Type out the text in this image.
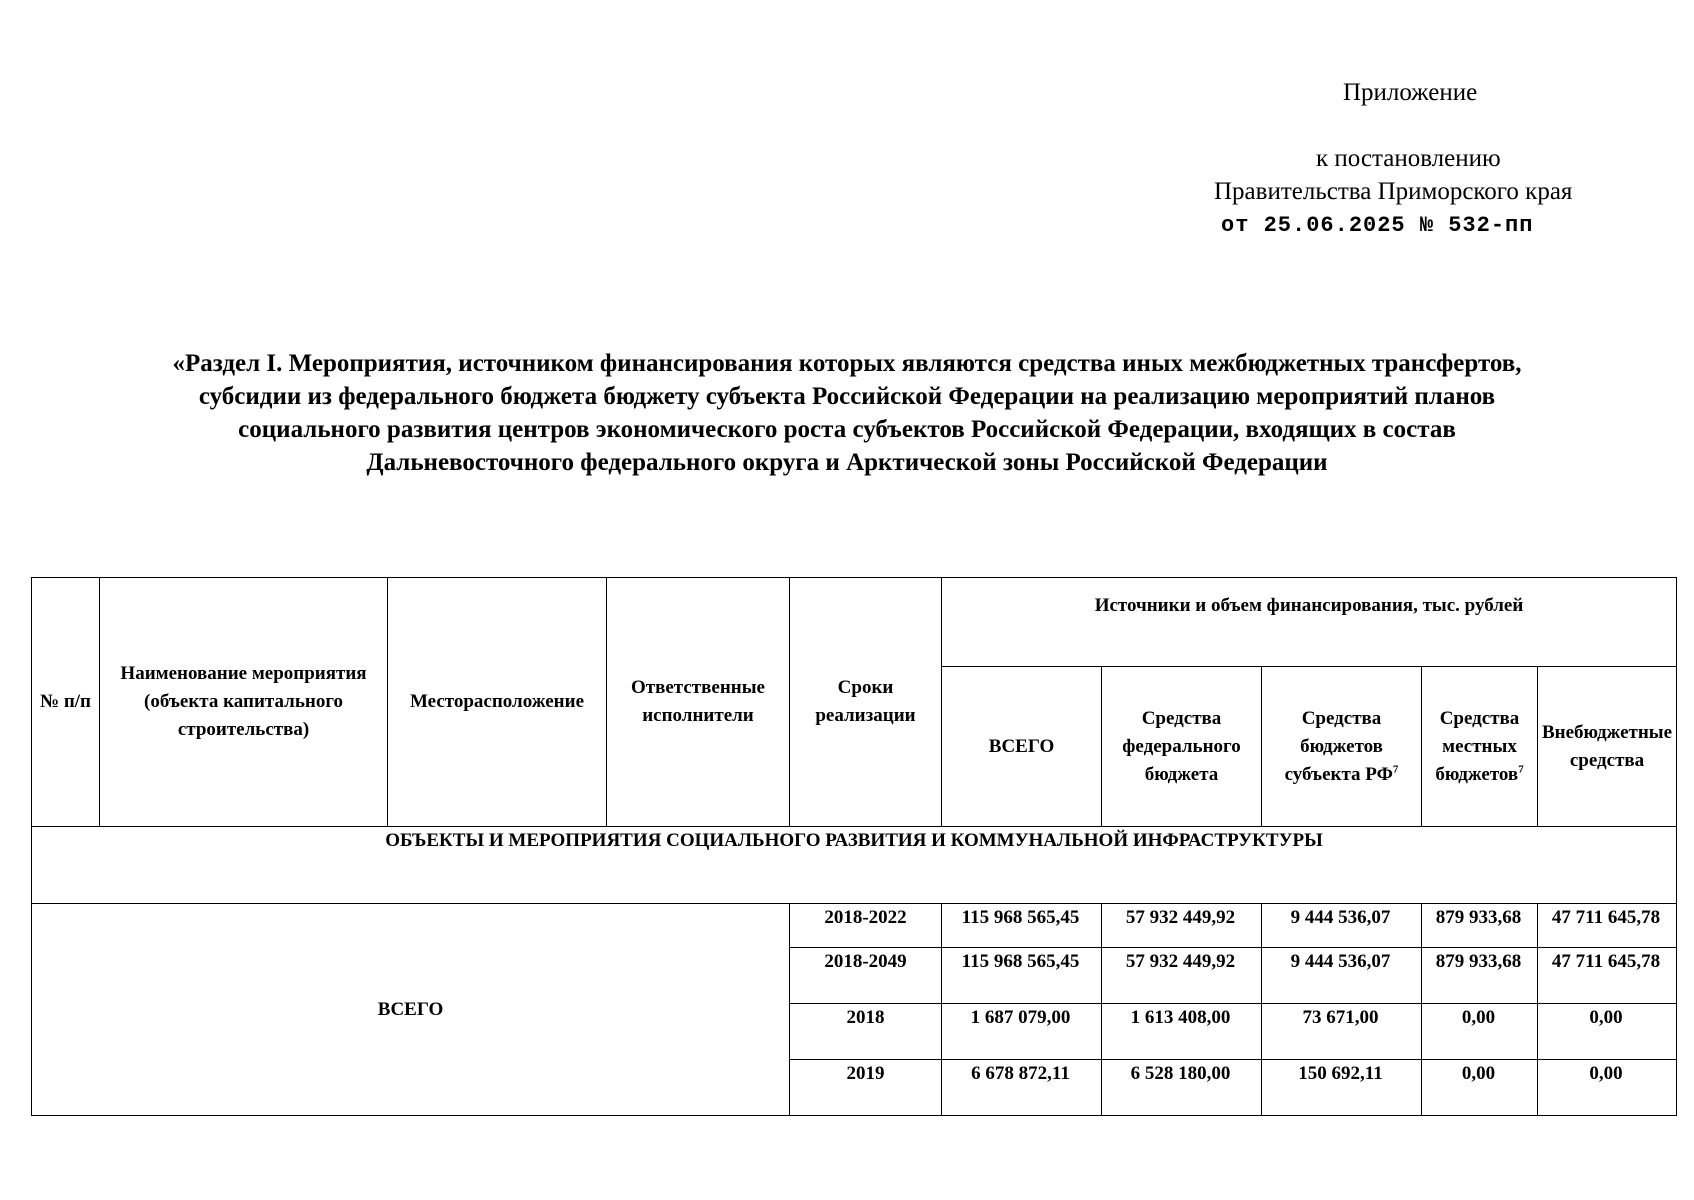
Приложение
к постановлению
Правительства Приморского края
от 25.06.2025 № 532-пп
«Раздел I. Мероприятия, источником финансирования которых являются средства иных межбюджетных трансфертов,
субсидии из федерального бюджета бюджету субъекта Российской Федерации на реализацию мероприятий планов
социального развития центров экономического роста субъектов Российской Федерации, входящих в состав
Дальневосточного федерального округа и Арктической зоны Российской Федерации
№ п/п	Наименование мероприятия (объекта капитального строительства)	Месторасположение	Ответственные исполнители	Сроки реализации	Источники и объем финансирования, тыс. рублей				
					ВСЕГО	Средства федерального бюджета	Средства бюджетов субъекта $РФ^7$	Средства местных бюджетов$^7$	Внебюджетные средства
ОБЪЕКТЫ И МЕРОПРИЯТИЯ СОЦИАЛЬНОГО РАЗВИТИЯ И КОММУНАЛЬНОЙ ИНФРАСТРУКТУРЫ									
ВСЕГО				2018-2022	115 968 565,45	57 932 449,92	9 444 536,07	879 933,68	47 711 645,78
				2018-2049	115 968 565,45	57 932 449,92	9 444 536,07	879 933,68	47 711 645,78
				2018	1 687 079,00	1 613 408,00	73 671,00	0,00	0,00
				2019	6 678 872,11	6 528 180,00	150 692,11	0,00	0,00
